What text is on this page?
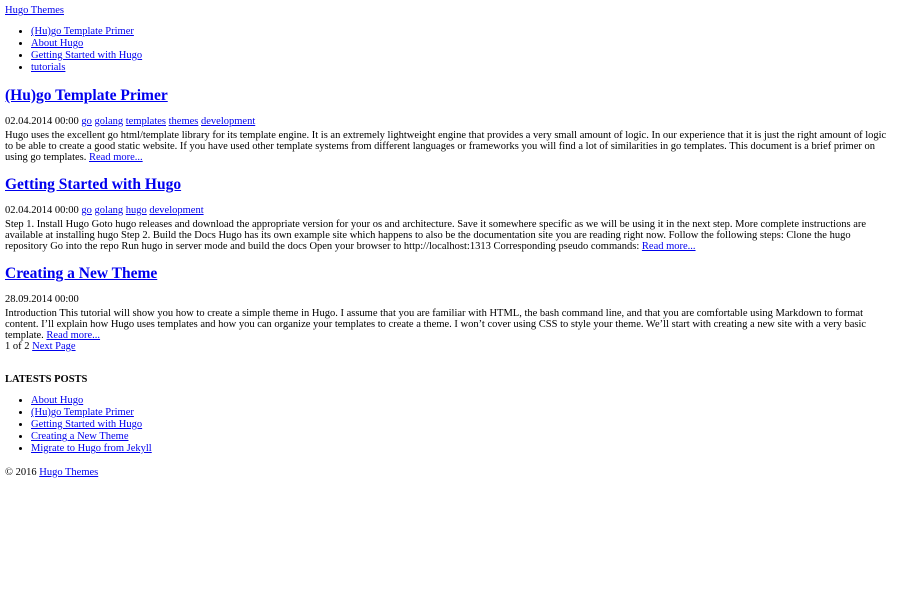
Hugo Themes
• (Hu)go Template Primer
• About Hugo
• Getting Started with Hugo
• tutorials
(Hu)go Template Primer
02.04.2014 00:00 go golang templates themes development

Hugo uses the excellent go html/template library for its template engine. It is an extremely lightweight engine that provides a very small amount of logic. In our experience that it is just the right amount of logic to be able to create a good static website. If you have used other template systems from different languages or frameworks you will find a lot of similarities in go templates. This document is a brief primer on using go templates. Read more...

Getting Started with Hugo
02.04.2014 00:00 go golang hugo development

Step 1. Install Hugo Goto hugo releases and download the appropriate version for your os and architecture. Save it somewhere specific as we will be using it in the next step. More complete instructions are available at installing hugo Step 2. Build the Docs Hugo has its own example site which happens to also be the documentation site you are reading right now. Follow the following steps: Clone the hugo repository Go into the repo Run hugo in server mode and build the docs Open your browser to http://localhost:1313 Corresponding pseudo commands: Read more...

Creating a New Theme
28.09.2014 00:00

Introduction This tutorial will show you how to create a simple theme in Hugo. I assume that you are familiar with HTML, the bash command line, and that you are comfortable using Markdown to format content. I’ll explain how Hugo uses templates and how you can organize your templates to create a theme. I won’t cover using CSS to style your theme. We’ll start with creating a new site with a very basic template. Read more...

1 of 2 Next Page
LATESTS POSTS
• About Hugo
• (Hu)go Template Primer
• Getting Started with Hugo
• Creating a New Theme
• Migrate to Hugo from Jekyll
© 2016 Hugo Themes
